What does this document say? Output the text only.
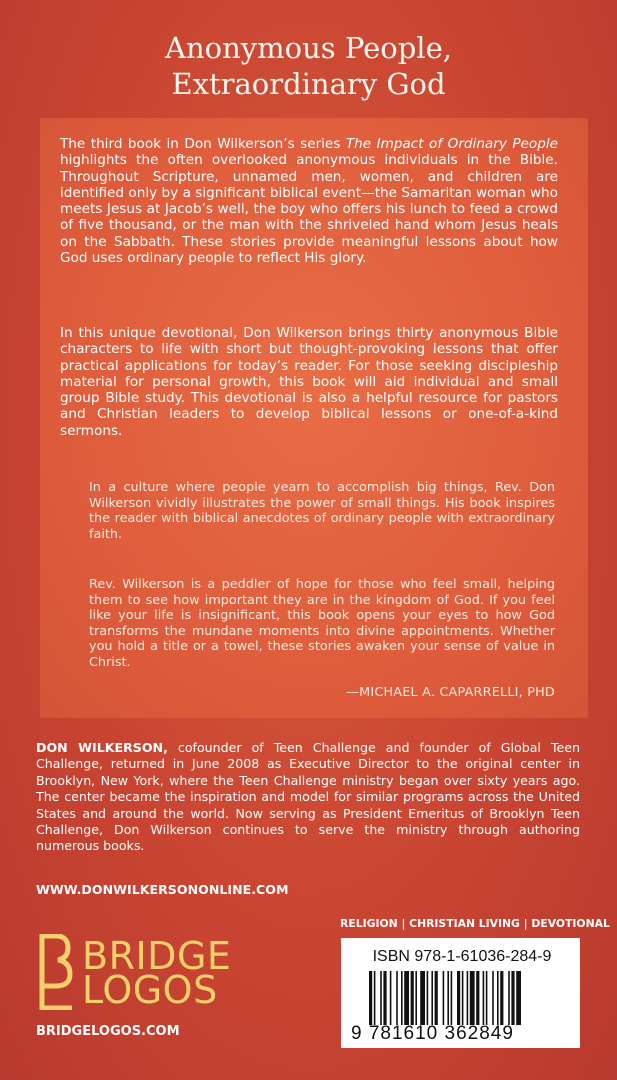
Anonymous People,
Extraordinary God
The third book in Don Wilkerson’s series The Impact of Ordinary People highlights the often overlooked anonymous individuals in the Bible. Throughout Scripture, unnamed men, women, and children are identified only by a significant biblical event—the Samaritan woman who meets Jesus at Jacob’s well, the boy who offers his lunch to feed a crowd of five thousand, or the man with the shriveled hand whom Jesus heals on the Sabbath. These stories provide meaningful lessons about how God uses ordinary people to reflect His glory.
In this unique devotional, Don Wilkerson brings thirty anonymous Bible characters to life with short but thought-provoking lessons that offer practical applications for today’s reader. For those seeking discipleship material for personal growth, this book will aid individual and small group Bible study. This devotional is also a helpful resource for pastors and Christian leaders to develop biblical lessons or one-of-a-kind sermons.
In a culture where people yearn to accomplish big things, Rev. Don Wilkerson vividly illustrates the power of small things. His book inspires the reader with biblical anecdotes of ordinary people with extraordinary faith.
Rev. Wilkerson is a peddler of hope for those who feel small, helping them to see how important they are in the kingdom of God. If you feel like your life is insignificant, this book opens your eyes to how God transforms the mundane moments into divine appointments. Whether you hold a title or a towel, these stories awaken your sense of value in Christ.
—MICHAEL A. CAPARRELLI, PHD
DON WILKERSON, cofounder of Teen Challenge and founder of Global Teen Challenge, returned in June 2008 as Executive Director to the original center in Brooklyn, New York, where the Teen Challenge ministry began over sixty years ago. The center became the inspiration and model for similar programs across the United States and around the world. Now serving as President Emeritus of Brooklyn Teen Challenge, Don Wilkerson continues to serve the ministry through authoring numerous books.
WWW.DONWILKERSONONLINE.COM
RELIGION | CHRISTIAN LIVING | DEVOTIONAL
BRIDGE
LOGOS
BRIDGELOGOS.COM
ISBN 978-1-61036-284-9
9 781610 362849
